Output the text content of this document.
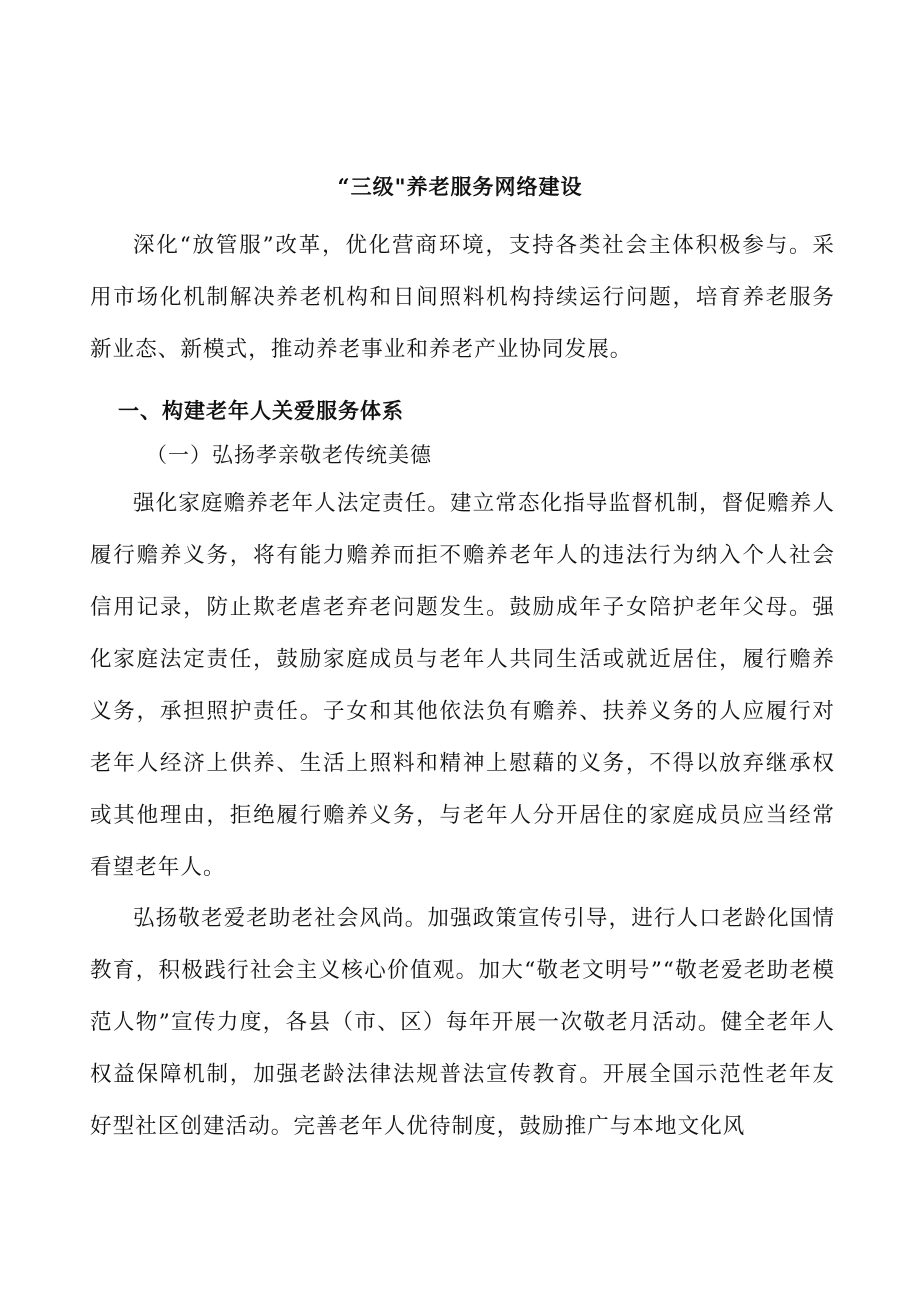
“三级"养老服务网络建设

深化“放管服”改革，优化营商环境，支持各类社会主体积极参与。采用市场化机制解决养老机构和日间照料机构持续运行问题，培育养老服务新业态、新模式，推动养老事业和养老产业协同发展。

一、构建老年人关爱服务体系
（一）弘扬孝亲敬老传统美德

强化家庭赡养老年人法定责任。建立常态化指导监督机制，督促赡养人履行赡养义务，将有能力赡养而拒不赡养老年人的违法行为纳入个人社会信用记录，防止欺老虐老弃老问题发生。鼓励成年子女陪护老年父母。强化家庭法定责任，鼓励家庭成员与老年人共同生活或就近居住，履行赡养义务，承担照护责任。子女和其他依法负有赡养、扶养义务的人应履行对老年人经济上供养、生活上照料和精神上慰藉的义务，不得以放弃继承权或其他理由，拒绝履行赡养义务，与老年人分开居住的家庭成员应当经常看望老年人。

弘扬敬老爱老助老社会风尚。加强政策宣传引导，进行人口老龄化国情教育，积极践行社会主义核心价值观。加大“敬老文明号”“敬老爱老助老模范人物”宣传力度，各县（市、区）每年开展一次敬老月活动。健全老年人权益保障机制，加强老龄法律法规普法宣传教育。开展全国示范性老年友好型社区创建活动。完善老年人优待制度，鼓励推广与本地文化风
